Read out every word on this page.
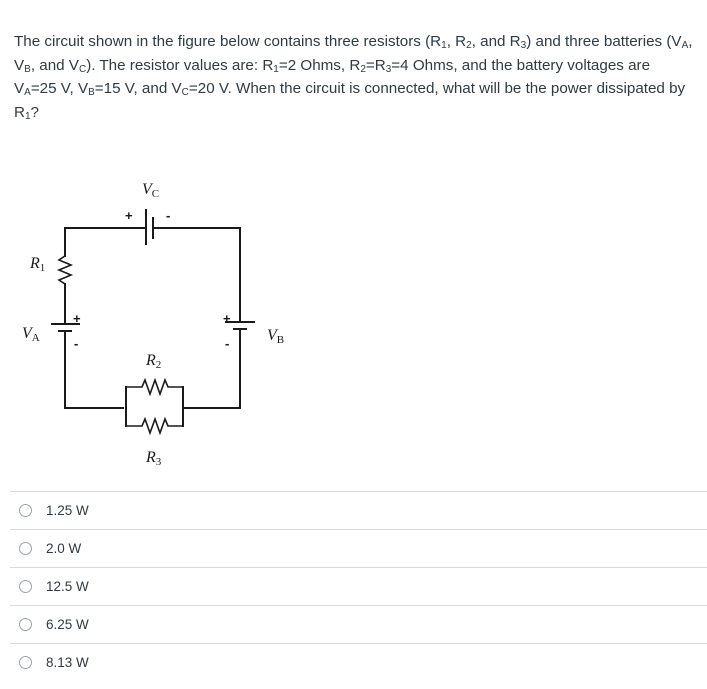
The circuit shown in the figure below contains three resistors ($R_1$, $R_2$, and $R_3$) and three batteries ($V_A$, $V_B$, and $V_C$). The resistor values are: $R_1=2$ Ohms, $R_2=R_3=4$ Ohms, and the battery voltages are $V_A=25$ V, $V_B=15$ V, and $V_C=20$ V. When the circuit is connected, what will be the power dissipated by $R_1$?
VC
+	-
R1
VA
+
-	VB
+
-
R2
R3
1.25 W
2.0 W
12.5 W
6.25 W
8.13 W
